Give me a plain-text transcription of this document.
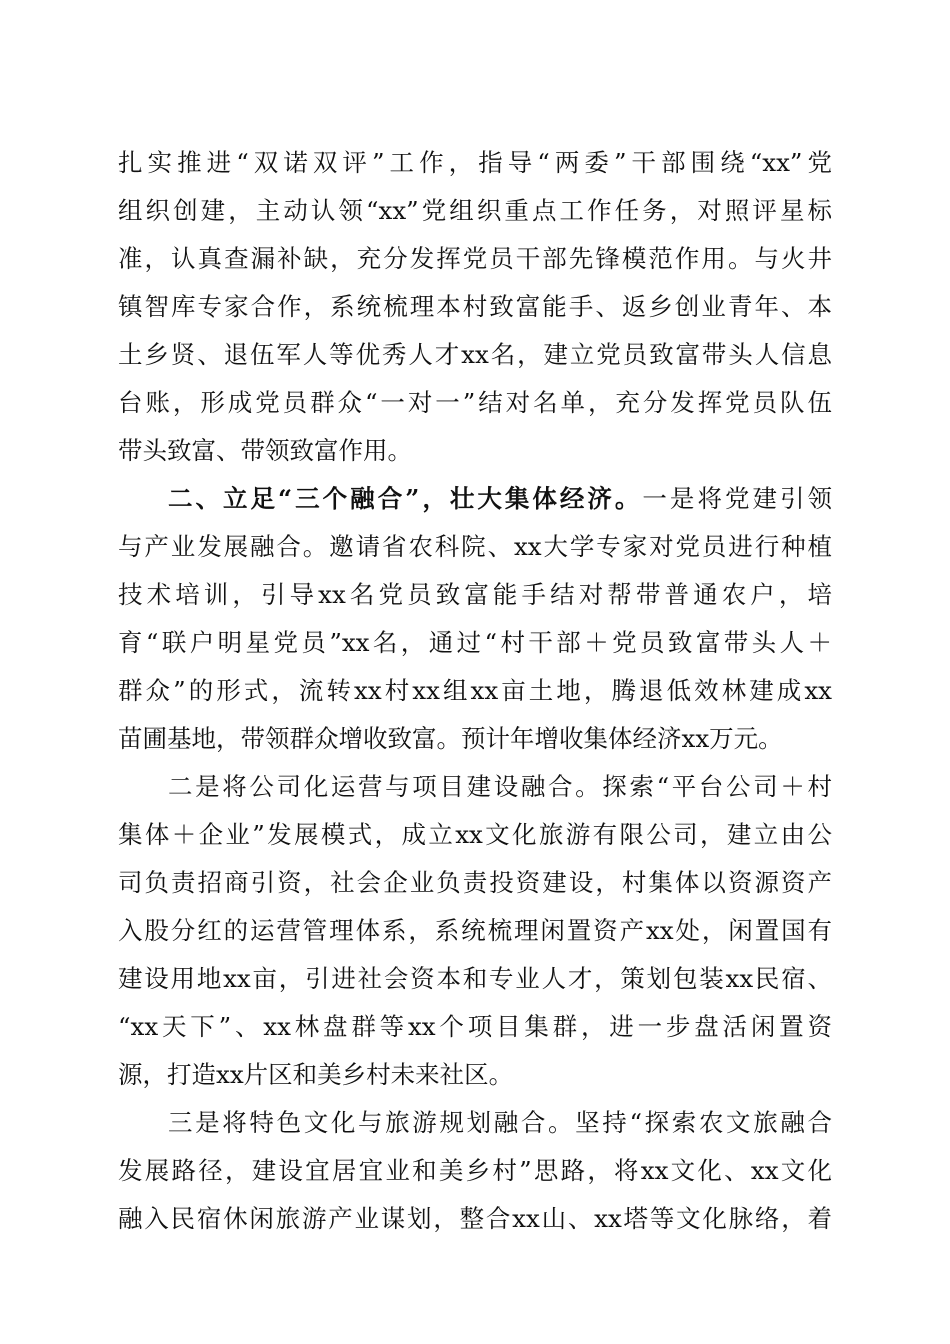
扎实推进“双诺双评”工作，指导“两委”干部围绕“xx”党
组织创建，主动认领“xx”党组织重点工作任务，对照评星标
准，认真查漏补缺，充分发挥党员干部先锋模范作用。与火井
镇智库专家合作，系统梳理本村致富能手、返乡创业青年、本
土乡贤、退伍军人等优秀人才xx名，建立党员致富带头人信息
台账，形成党员群众“一对一”结对名单，充分发挥党员队伍
带头致富、带领致富作用。
二、立足“三个融合”，壮大集体经济。一是将党建引领
与产业发展融合。邀请省农科院、xx大学专家对党员进行种植
技术培训，引导xx名党员致富能手结对帮带普通农户，培
育“联户明星党员”xx名，通过“村干部＋党员致富带头人＋
群众”的形式，流转xx村xx组xx亩土地，腾退低效林建成xx
苗圃基地，带领群众增收致富。预计年增收集体经济xx万元。
二是将公司化运营与项目建设融合。探索“平台公司＋村
集体＋企业”发展模式，成立xx文化旅游有限公司，建立由公
司负责招商引资，社会企业负责投资建设，村集体以资源资产
入股分红的运营管理体系，系统梳理闲置资产xx处，闲置国有
建设用地xx亩，引进社会资本和专业人才，策划包装xx民宿、
“xx天下”、xx林盘群等xx个项目集群，进一步盘活闲置资
源，打造xx片区和美乡村未来社区。
三是将特色文化与旅游规划融合。坚持“探索农文旅融合
发展路径，建设宜居宜业和美乡村”思路，将xx文化、xx文化
融入民宿休闲旅游产业谋划，整合xx山、xx塔等文化脉络，着
